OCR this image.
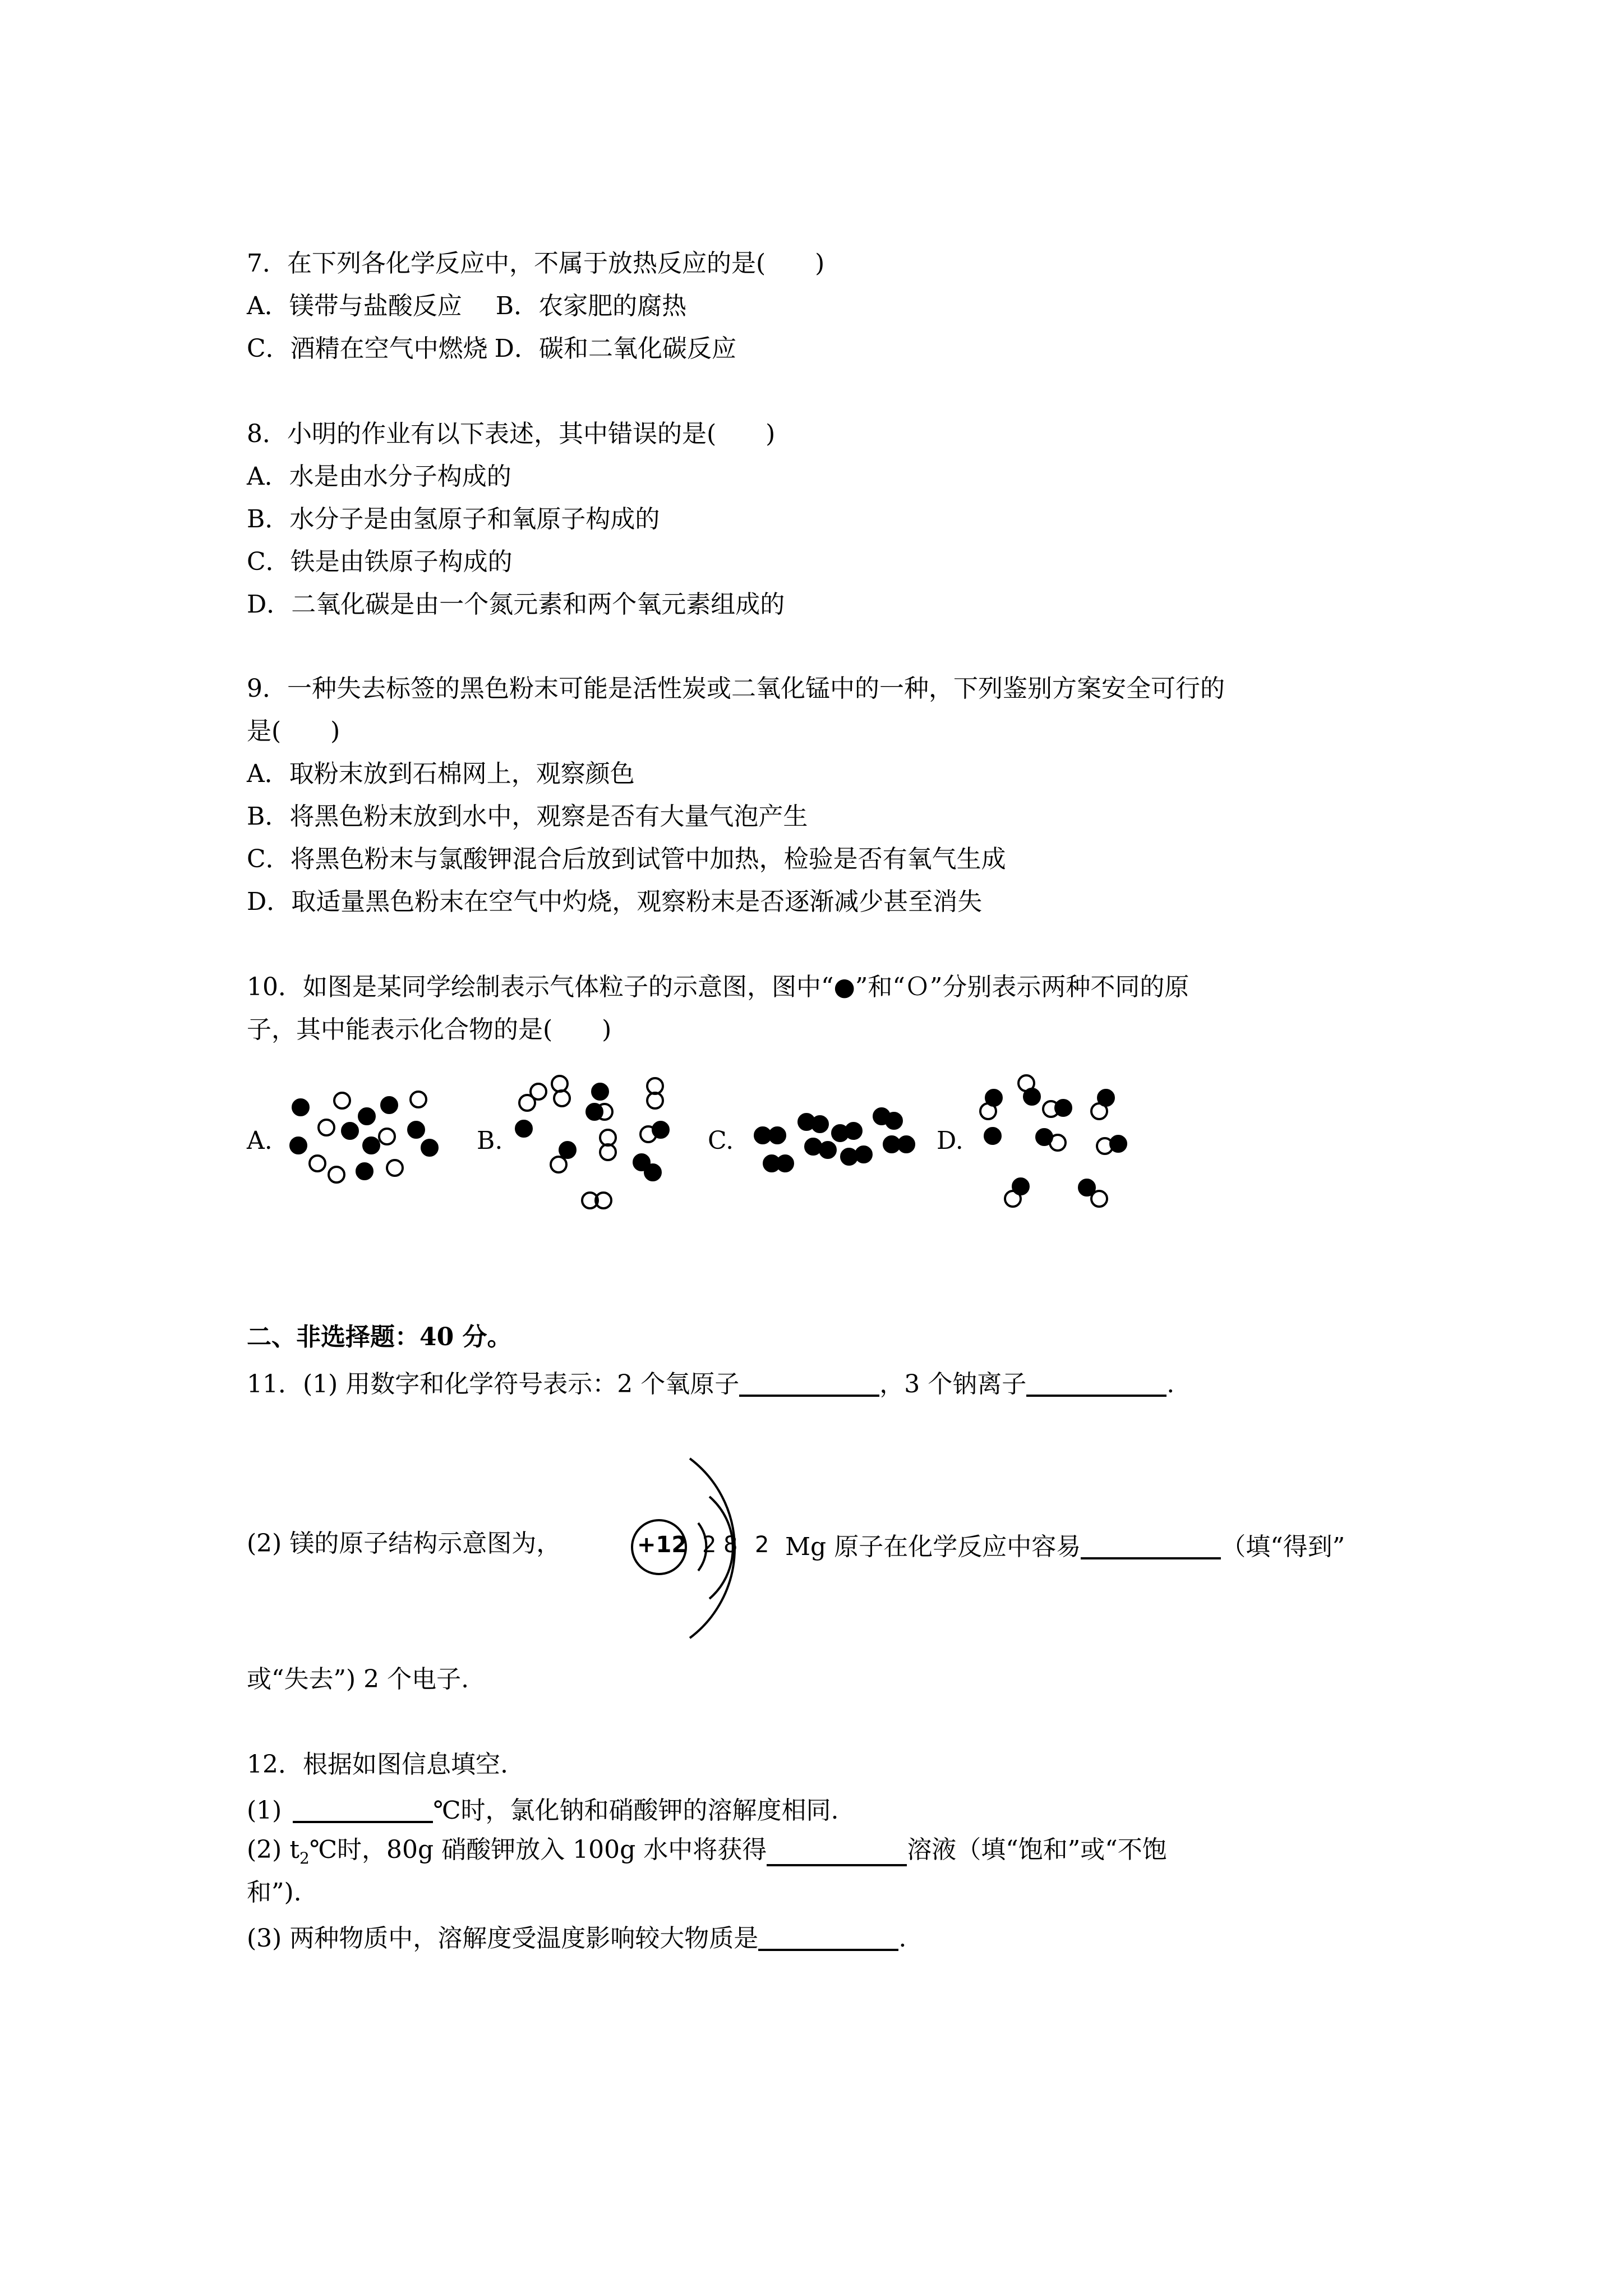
7．在下列各化学反应中，不属于放热反应的是(　　)
A．镁带与盐酸反应 B．农家肥的腐热
C．酒精在空气中燃烧 D．碳和二氧化碳反应
8．小明的作业有以下表述，其中错误的是(　　)
A．水是由水分子构成的
B．水分子是由氢原子和氧原子构成的
C．铁是由铁原子构成的
D．二氧化碳是由一个氮元素和两个氧元素组成的
9．一种失去标签的黑色粉末可能是活性炭或二氧化锰中的一种，下列鉴别方案安全可行的
是(　　)
A．取粉末放到石棉网上，观察颜色
B．将黑色粉末放到水中，观察是否有大量气泡产生
C．将黑色粉末与氯酸钾混合后放到试管中加热，检验是否有氧气生成
D．取适量黑色粉末在空气中灼烧，观察粉末是否逐渐减少甚至消失
10．如图是某同学绘制表示气体粒子的示意图，图中“●”和“Ｏ”分别表示两种不同的原
子，其中能表示化合物的是(　　)
A.	B.	C.	D.
二、非选择题：40 分。
11．(1) 用数字和化学符号表示：2 个氧原子	，3 个钠离子	.
(2) 镁的原子结构示意图为，	+12 2 8 2 Mg 原子在化学反应中容易	（填“得到”
或“失去”) 2 个电子.
12．根据如图信息填空.
(1)	℃时，氯化钠和硝酸钾的溶解度相同.
(2) $t_2℃$时，80g 硝酸钾放入 100g 水中将获得	溶液（填“饱和”或“不饱
和”).
(3) 两种物质中，溶解度受温度影响较大物质是	.
